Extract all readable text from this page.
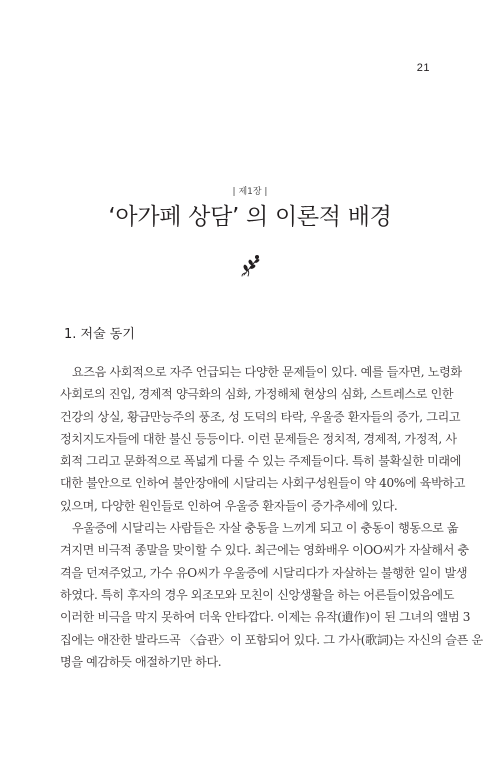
21
| 제1장 |
‘아가페 상담’ 의 이론적 배경
1. 저술 동기
요즈음 사회적으로 자주 언급되는 다양한 문제들이 있다. 예를 들자면, 노령화
사회로의 진입, 경제적 양극화의 심화, 가정해체 현상의 심화, 스트레스로 인한
건강의 상실, 황금만능주의 풍조, 성 도덕의 타락, 우울증 환자들의 증가, 그리고
정치지도자들에 대한 불신 등등이다. 이런 문제들은 정치적, 경제적, 가정적, 사
회적 그리고 문화적으로 폭넓게 다룰 수 있는 주제들이다. 특히 불확실한 미래에
대한 불안으로 인하여 불안장애에 시달리는 사회구성원들이 약 40%에 육박하고
있으며, 다양한 원인들로 인하여 우울증 환자들이 증가추세에 있다.
우울증에 시달리는 사람들은 자살 충동을 느끼게 되고 이 충동이 행동으로 옮
겨지면 비극적 종말을 맞이할 수 있다. 최근에는 영화배우 이OO씨가 자살해서 충
격을 던져주었고, 가수 유O씨가 우울증에 시달리다가 자살하는 불행한 일이 발생
하였다. 특히 후자의 경우 외조모와 모친이 신앙생활을 하는 어른들이었음에도
이러한 비극을 막지 못하여 더욱 안타깝다. 이제는 유작(遺作)이 된 그녀의 앨범 3
집에는 애잔한 발라드곡 〈습관〉이 포함되어 있다. 그 가사(歌詞)는 자신의 슬픈 운
명을 예감하듯 애절하기만 하다.
